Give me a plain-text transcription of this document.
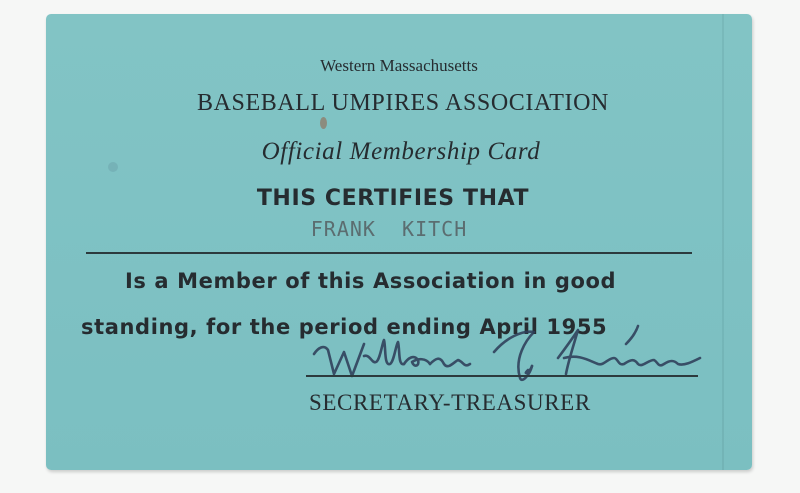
Western Massachusetts
BASEBALL UMPIRES ASSOCIATION
Official Membership Card
THIS CERTIFIES THAT
FRANK  KITCH
Is a Member of this Association in good
standing, for the period ending April 1955
SECRETARY-TREASURER
